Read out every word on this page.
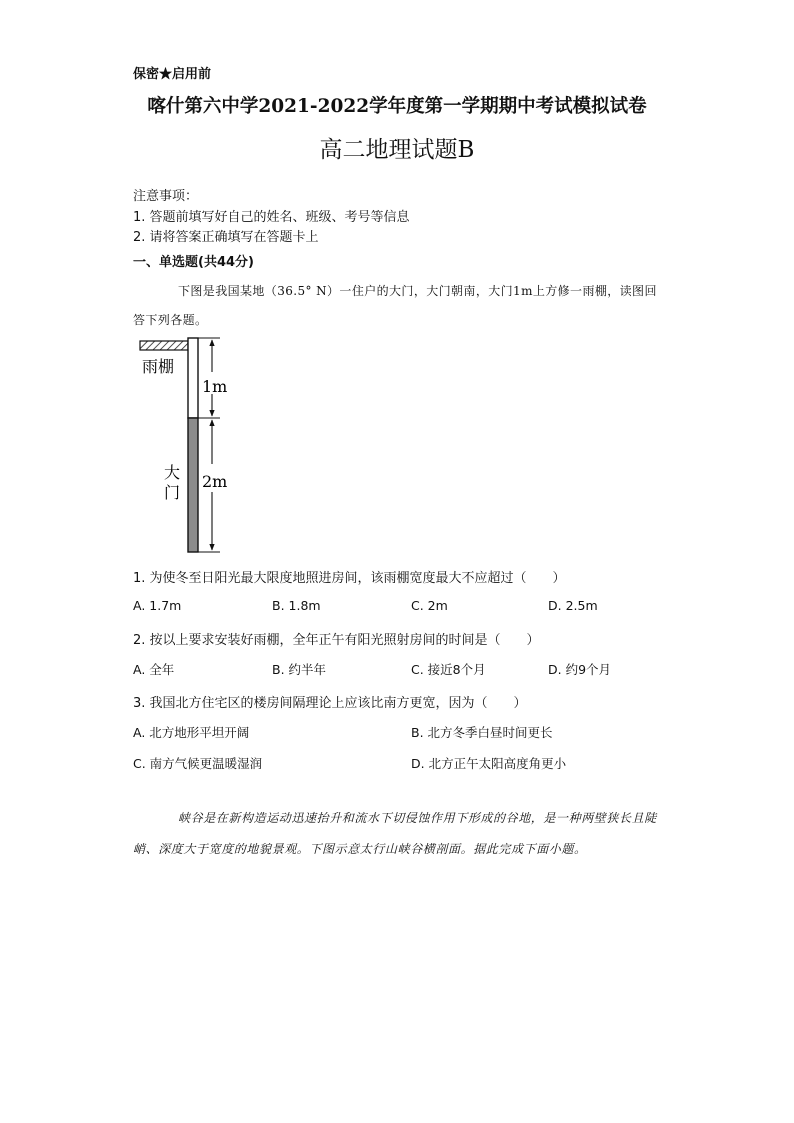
保密★启用前
喀什第六中学2021-2022学年度第一学期期中考试模拟试卷
高二地理试题B
注意事项：
1. 答题前填写好自己的姓名、班级、考号等信息
2. 请将答案正确填写在答题卡上
一、单选题(共44分)
下图是我国某地（36.5° N）一住户的大门，大门朝南，大门1m上方修一雨棚，读图回答下列各题。
1m
2m
雨棚
大门
1. 为使冬至日阳光最大限度地照进房间，该雨棚宽度最大不应超过（　　）
A. 1.7m	B. 1.8m	C. 2m	D. 2.5m
2. 按以上要求安装好雨棚，全年正午有阳光照射房间的时间是（　　）
A. 全年	B. 约半年	C. 接近8个月	D. 约9个月
3. 我国北方住宅区的楼房间隔理论上应该比南方更宽，因为（　　）
A. 北方地形平坦开阔	B. 北方冬季白昼时间更长
C. 南方气候更温暖湿润	D. 北方正午太阳高度角更小
峡谷是在新构造运动迅速抬升和流水下切侵蚀作用下形成的谷地，是一种两壁狭长且陡峭、深度大于宽度的地貌景观。下图示意太行山峡谷横剖面。据此完成下面小题。
